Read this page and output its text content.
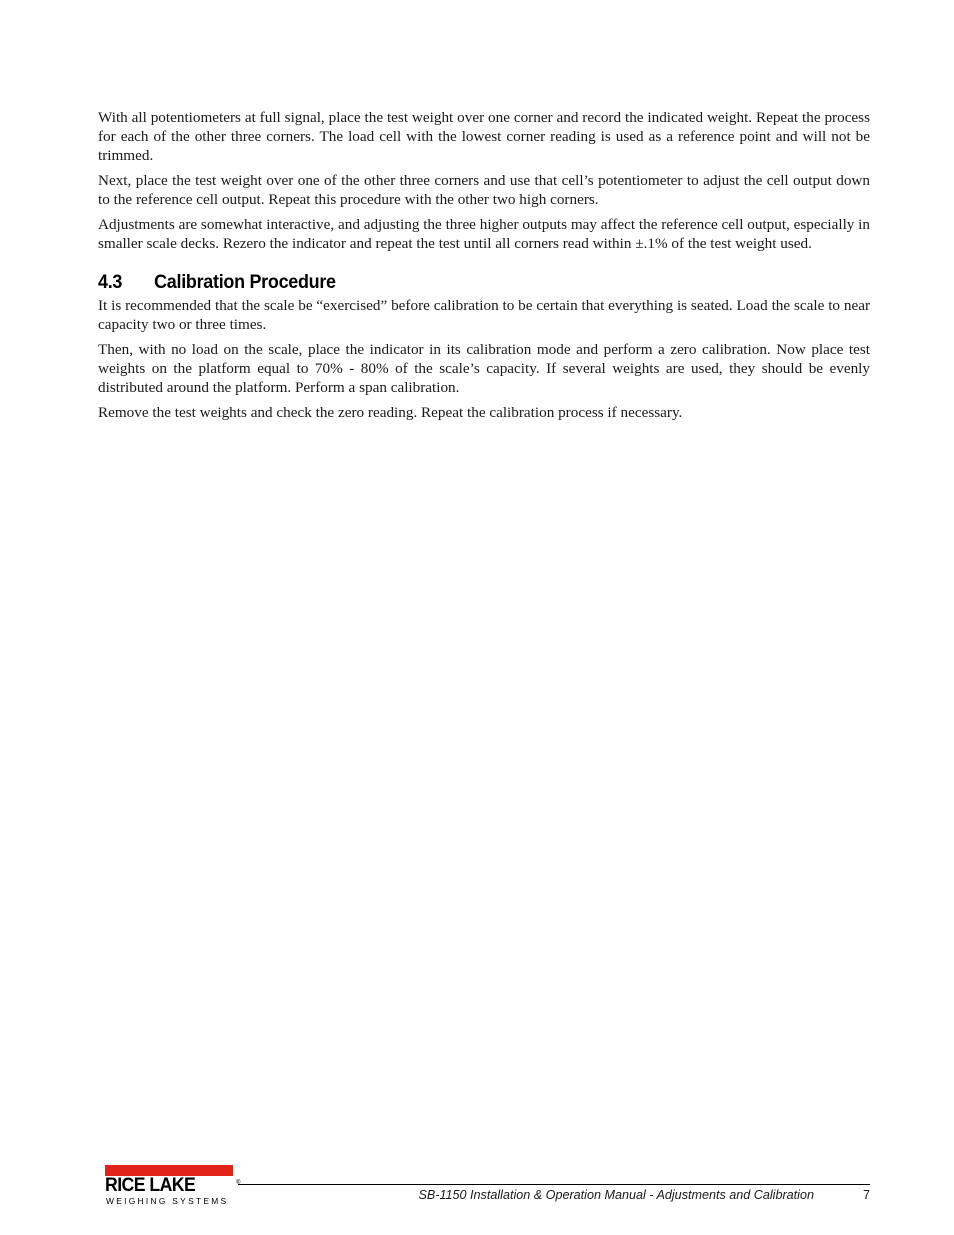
With all potentiometers at full signal, place the test weight over one corner and record the indicated weight. Repeat the process for each of the other three corners. The load cell with the lowest corner reading is used as a reference point and will not be trimmed.

Next, place the test weight over one of the other three corners and use that cell’s potentiometer to adjust the cell output down to the reference cell output. Repeat this procedure with the other two high corners.

Adjustments are somewhat interactive, and adjusting the three higher outputs may affect the reference cell output, especially in smaller scale decks. Rezero the indicator and repeat the test until all corners read within ±.1% of the test weight used.

4.3	Calibration Procedure

It is recommended that the scale be “exercised” before calibration to be certain that everything is seated. Load the scale to near capacity two or three times.

Then, with no load on the scale, place the indicator in its calibration mode and perform a zero calibration. Now place test weights on the platform equal to 70% - 80% of the scale’s capacity. If several weights are used, they should be evenly distributed around the platform. Perform a span calibration.

Remove the test weights and check the zero reading. Repeat the calibration process if necessary.

RICE LAKE	®
WEIGHING SYSTEMS	SB-1150 Installation & Operation Manual - Adjustments and Calibration	7
